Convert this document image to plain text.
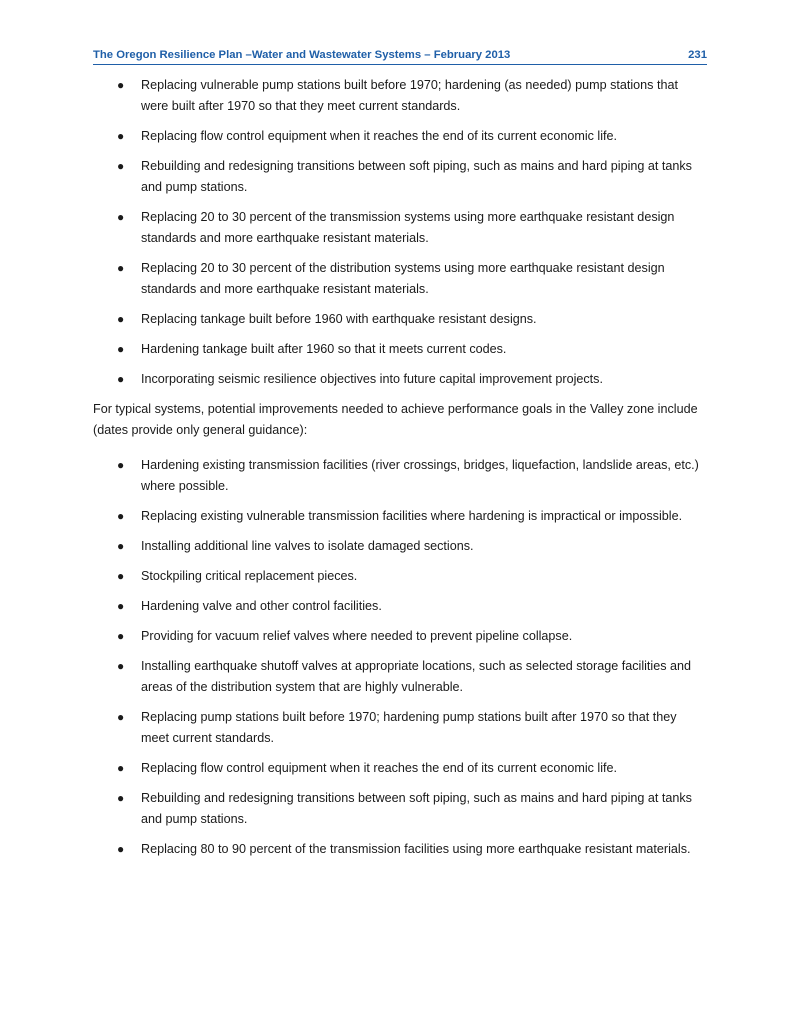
The Oregon Resilience Plan –Water and Wastewater Systems – February 2013	231
● Replacing vulnerable pump stations built before 1970; hardening (as needed) pump stations that were built after 1970 so that they meet current standards.
● Replacing flow control equipment when it reaches the end of its current economic life.
● Rebuilding and redesigning transitions between soft piping, such as mains and hard piping at tanks and pump stations.
● Replacing 20 to 30 percent of the transmission systems using more earthquake resistant design standards and more earthquake resistant materials.
● Replacing 20 to 30 percent of the distribution systems using more earthquake resistant design standards and more earthquake resistant materials.
● Replacing tankage built before 1960 with earthquake resistant designs.
● Hardening tankage built after 1960 so that it meets current codes.
● Incorporating seismic resilience objectives into future capital improvement projects.

For typical systems, potential improvements needed to achieve performance goals in the Valley zone include (dates provide only general guidance):

● Hardening existing transmission facilities (river crossings, bridges, liquefaction, landslide areas, etc.) where possible.
● Replacing existing vulnerable transmission facilities where hardening is impractical or impossible.
● Installing additional line valves to isolate damaged sections.
● Stockpiling critical replacement pieces.
● Hardening valve and other control facilities.
● Providing for vacuum relief valves where needed to prevent pipeline collapse.
● Installing earthquake shutoff valves at appropriate locations, such as selected storage facilities and areas of the distribution system that are highly vulnerable.
● Replacing pump stations built before 1970; hardening pump stations built after 1970 so that they meet current standards.
● Replacing flow control equipment when it reaches the end of its current economic life.
● Rebuilding and redesigning transitions between soft piping, such as mains and hard piping at tanks and pump stations.
● Replacing 80 to 90 percent of the transmission facilities using more earthquake resistant materials.
